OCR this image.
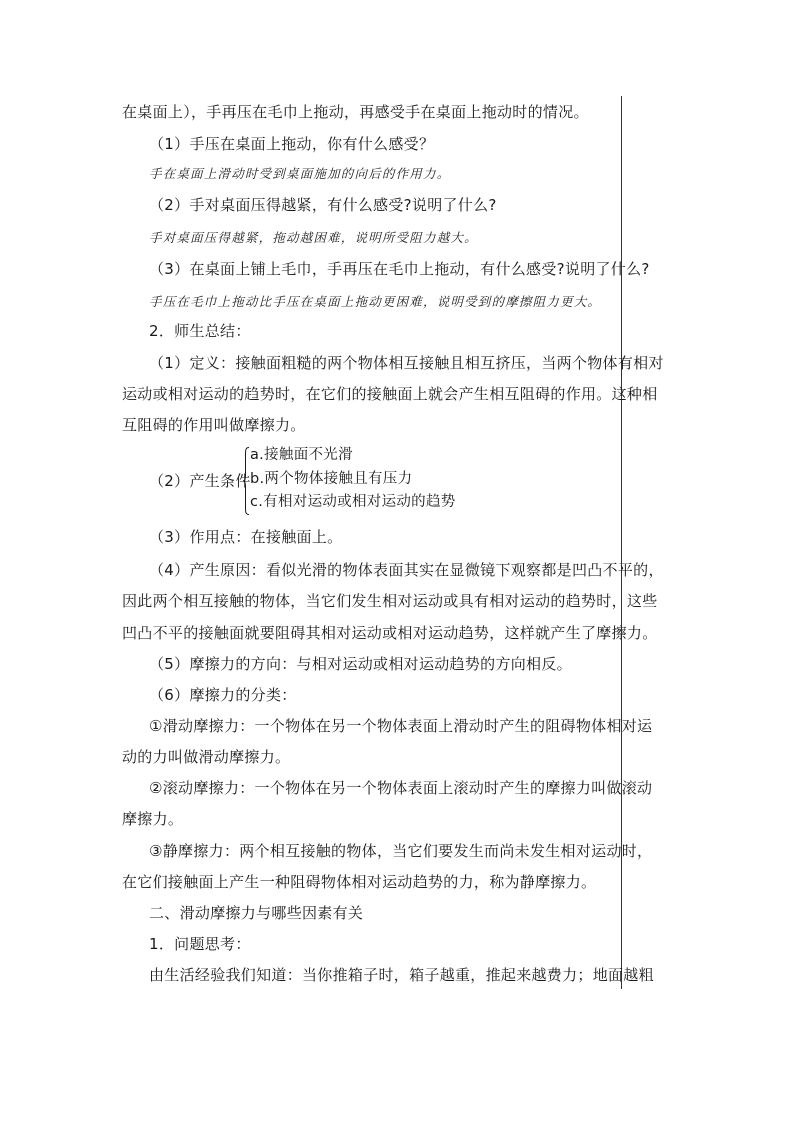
在桌面上），手再压在毛巾上拖动，再感受手在桌面上拖动时的情况。
（1）手压在桌面上拖动，你有什么感受？
手在桌面上滑动时受到桌面施加的向后的作用力。
（2）手对桌面压得越紧，有什么感受?说明了什么?
手对桌面压得越紧，拖动越困难，说明所受阻力越大。
（3）在桌面上铺上毛巾，手再压在毛巾上拖动，有什么感受?说明了什么?
手压在毛巾上拖动比手压在桌面上拖动更困难，说明受到的摩擦阻力更大。
2．师生总结：
（1）定义：接触面粗糙的两个物体相互接触且相互挤压，当两个物体有相对
运动或相对运动的趋势时，在它们的接触面上就会产生相互阻碍的作用。这种相
互阻碍的作用叫做摩擦力。
（2）产生条件
a.接触面不光滑
b.两个物体接触且有压力
c.有相对运动或相对运动的趋势
（3）作用点：在接触面上。
（4）产生原因：看似光滑的物体表面其实在显微镜下观察都是凹凸不平的，
因此两个相互接触的物体，当它们发生相对运动或具有相对运动的趋势时，这些
凹凸不平的接触面就要阻碍其相对运动或相对运动趋势，这样就产生了摩擦力。
（5）摩擦力的方向：与相对运动或相对运动趋势的方向相反。
（6）摩擦力的分类：
①滑动摩擦力：一个物体在另一个物体表面上滑动时产生的阻碍物体相对运
动的力叫做滑动摩擦力。
②滚动摩擦力：一个物体在另一个物体表面上滚动时产生的摩擦力叫做滚动
摩擦力。
③静摩擦力：两个相互接触的物体，当它们要发生而尚未发生相对运动时，
在它们接触面上产生一种阻碍物体相对运动趋势的力，称为静摩擦力。
二、滑动摩擦力与哪些因素有关
1．问题思考：
由生活经验我们知道：当你推箱子时，箱子越重，推起来越费力；地面越粗
